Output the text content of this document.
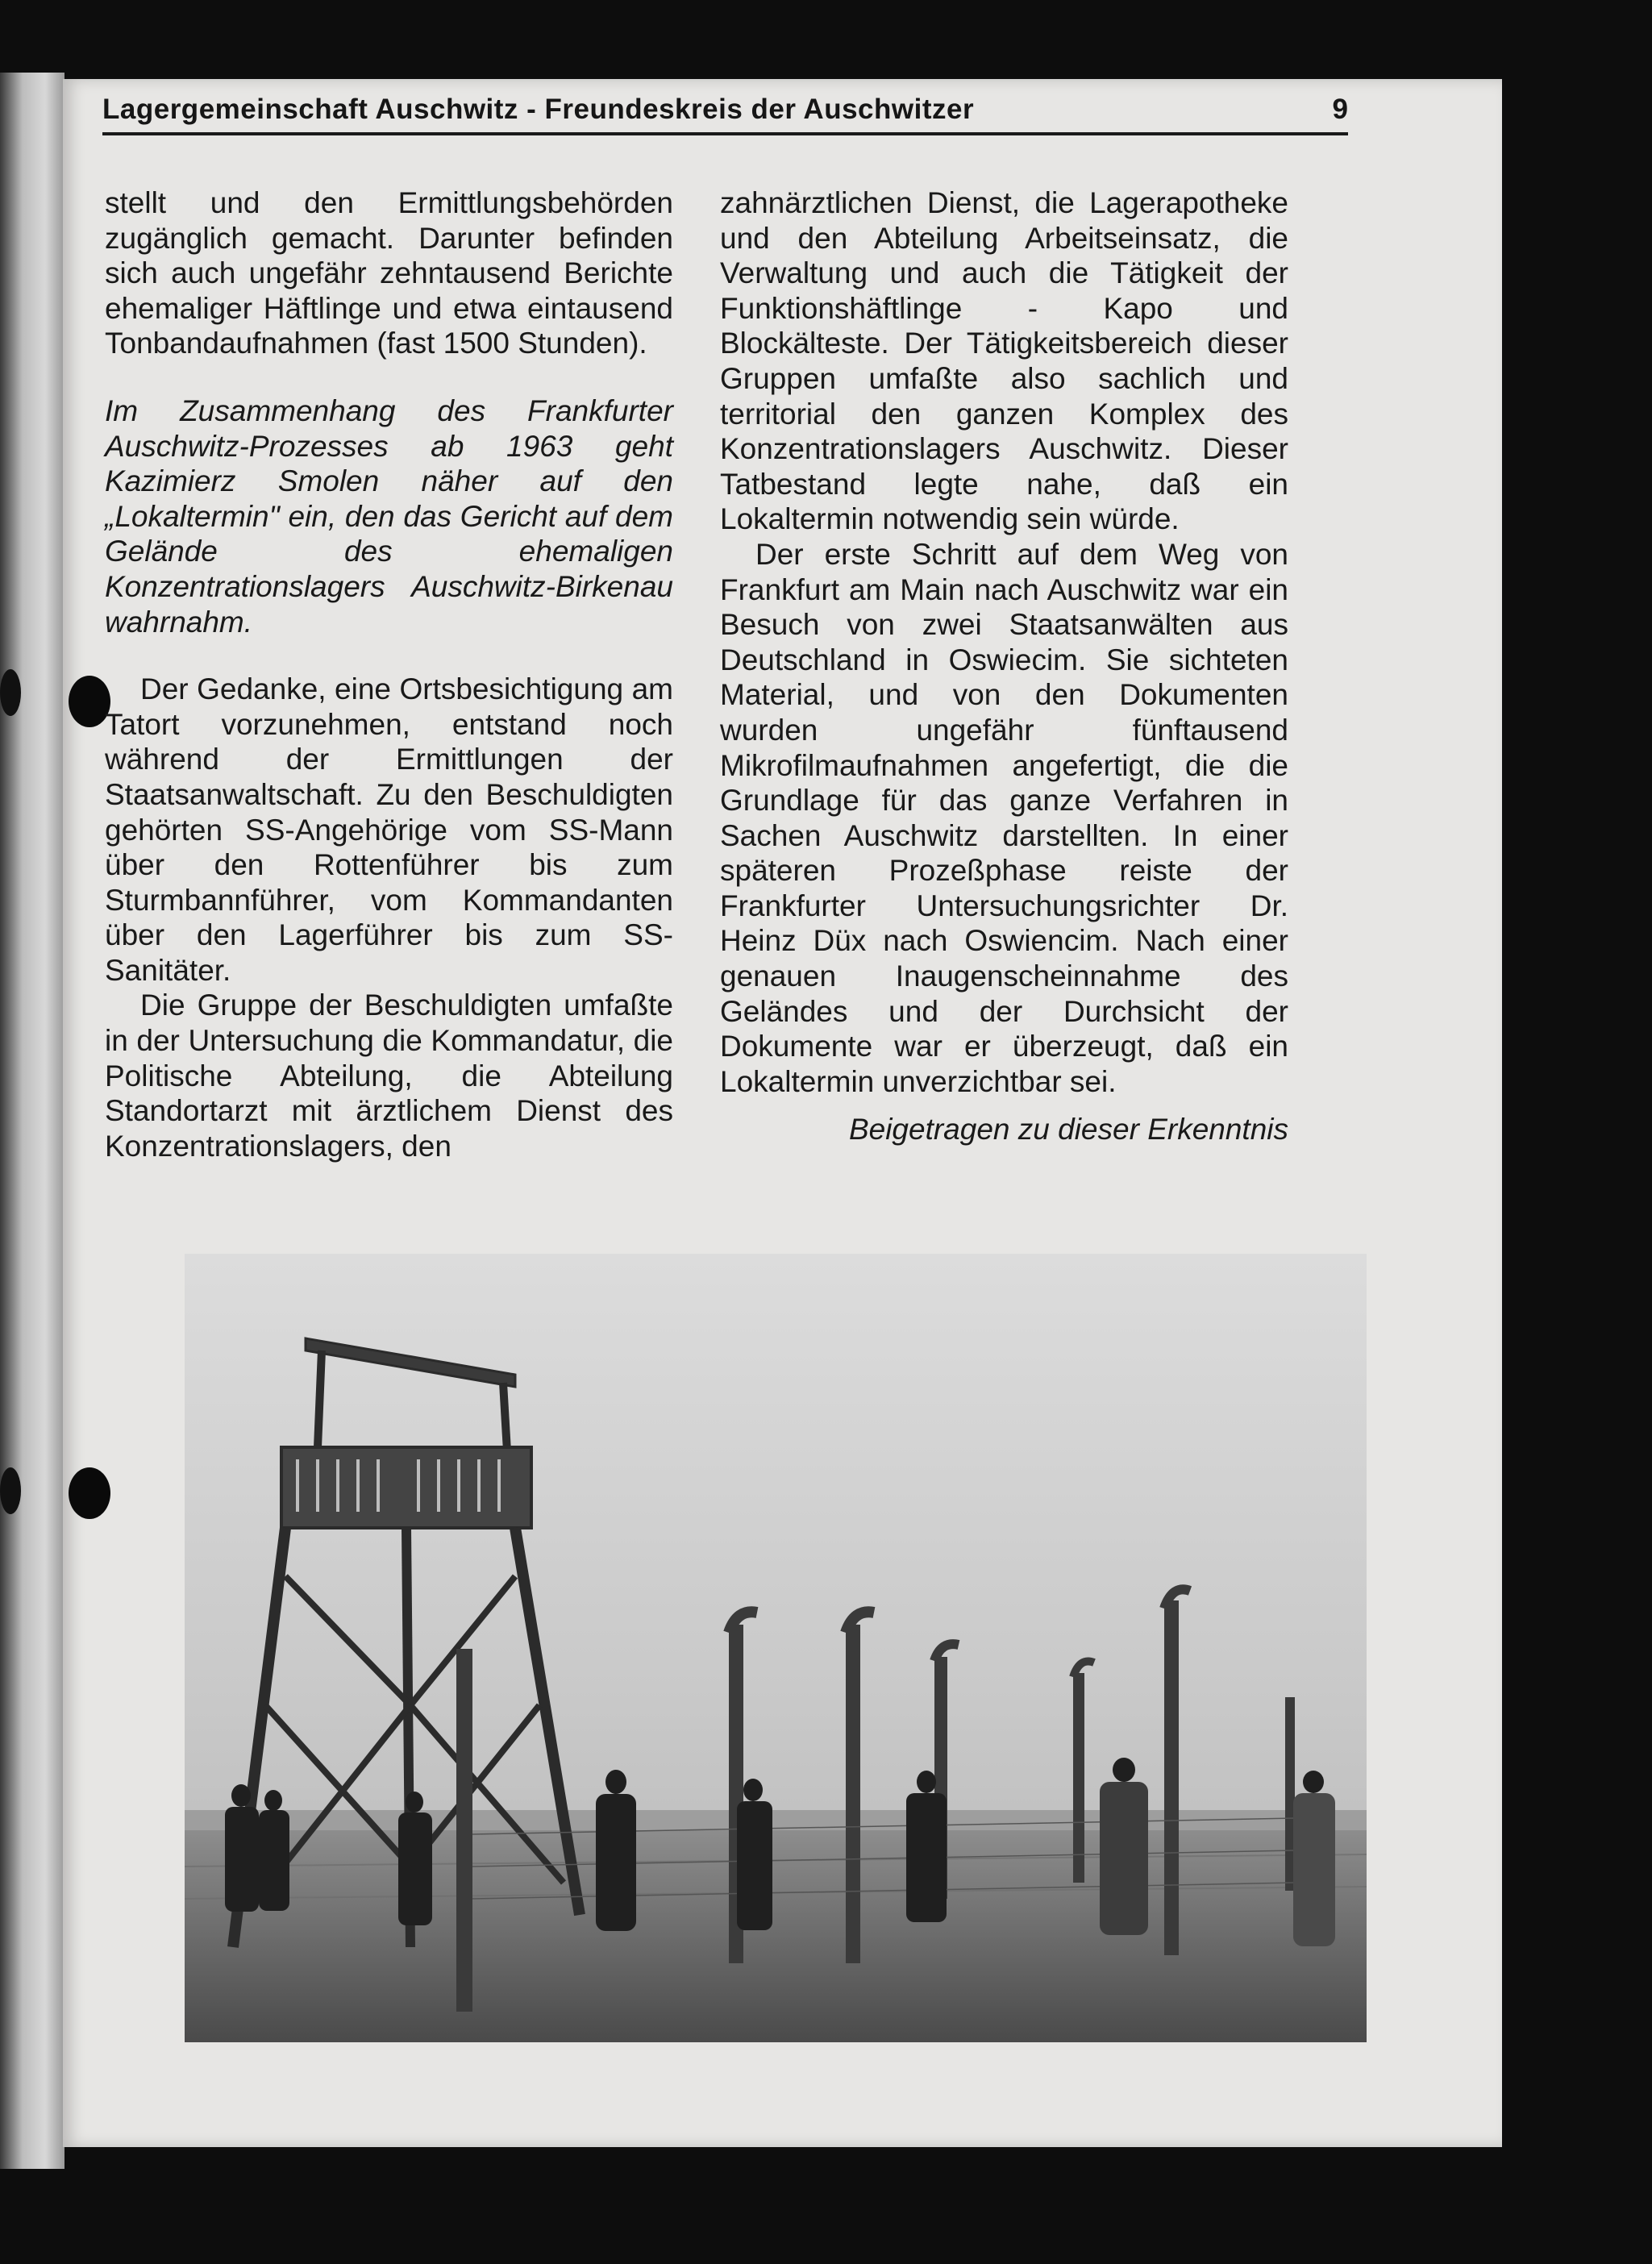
Lagergemeinschaft Auschwitz - Freundeskreis der Auschwitzer	9

stellt und den Ermittlungsbehörden zugänglich gemacht. Darunter befinden sich auch ungefähr zehntausend Berichte ehemaliger Häftlinge und etwa eintausend Tonbandaufnahmen (fast 1500 Stunden).

Im Zusammenhang des Frankfurter Auschwitz-Prozesses ab 1963 geht Kazimierz Smolen näher auf den „Lokaltermin" ein, den das Gericht auf dem Gelände des ehemaligen Konzentrationslagers Auschwitz-Birkenau wahrnahm.

Der Gedanke, eine Ortsbesichtigung am Tatort vorzunehmen, entstand noch während der Ermittlungen der Staatsanwaltschaft. Zu den Beschuldigten gehörten SS-Angehörige vom SS-Mann über den Rottenführer bis zum Sturmbannführer, vom Kommandanten über den Lagerführer bis zum SS-Sanitäter.

Die Gruppe der Beschuldigten umfaßte in der Untersuchung die Kommandatur, die Politische Abteilung, die Abteilung Standortarzt mit ärztlichem Dienst des Konzentrationslagers, den

zahnärztlichen Dienst, die Lagerapotheke und den Abteilung Arbeitseinsatz, die Verwaltung und auch die Tätigkeit der Funktionshäftlinge - Kapo und Blockälteste. Der Tätigkeitsbereich dieser Gruppen umfaßte also sachlich und territorial den ganzen Komplex des Konzentrationslagers Auschwitz. Dieser Tatbestand legte nahe, daß ein Lokaltermin notwendig sein würde.

Der erste Schritt auf dem Weg von Frankfurt am Main nach Auschwitz war ein Besuch von zwei Staatsanwälten aus Deutschland in Oswiecim. Sie sichteten Material, und von den Dokumenten wurden ungefähr fünftausend Mikrofilmaufnahmen angefertigt, die die Grundlage für das ganze Verfahren in Sachen Auschwitz darstellten. In einer späteren Prozeßphase reiste der Frankfurter Untersuchungsrichter Dr. Heinz Düx nach Oswiencim. Nach einer genauen Inaugenscheinnahme des Geländes und der Durchsicht der Dokumente war er überzeugt, daß ein Lokaltermin unverzichtbar sei.

Beigetragen zu dieser Erkenntnis
